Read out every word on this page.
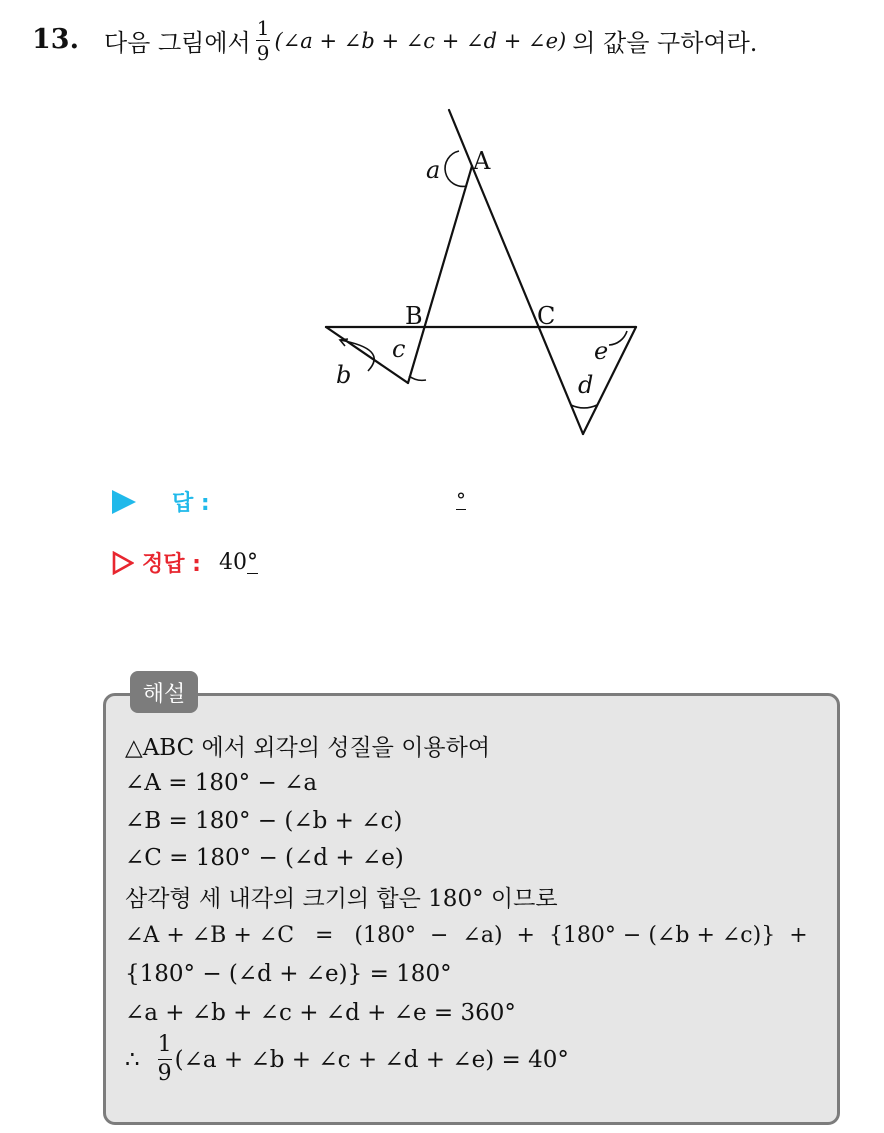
13. 다음 그림에서 $\frac{1}{9}$ (∠a + ∠b + ∠c + ∠d + ∠e) 의 값을 구하여라.
A
B	C
a
b
c
d
e
답 :	°
정답 : 40°
해설
△ABC 에서 외각의 성질을 이용하여
∠A = 180° − ∠a
∠B = 180° − (∠b + ∠c)
∠C = 180° − (∠d + ∠e)
삼각형 세 내각의 크기의 합은 180° 이므로
∠A + ∠B + ∠C   =   (180°  −  ∠a)  +  {180° − (∠b + ∠c)}  +
{180° − (∠d + ∠e)} = 180°
∠a + ∠b + ∠c + ∠d + ∠e = 360°
∴ $\frac{1}{9}$ (∠a + ∠b + ∠c + ∠d + ∠e) = 40°
